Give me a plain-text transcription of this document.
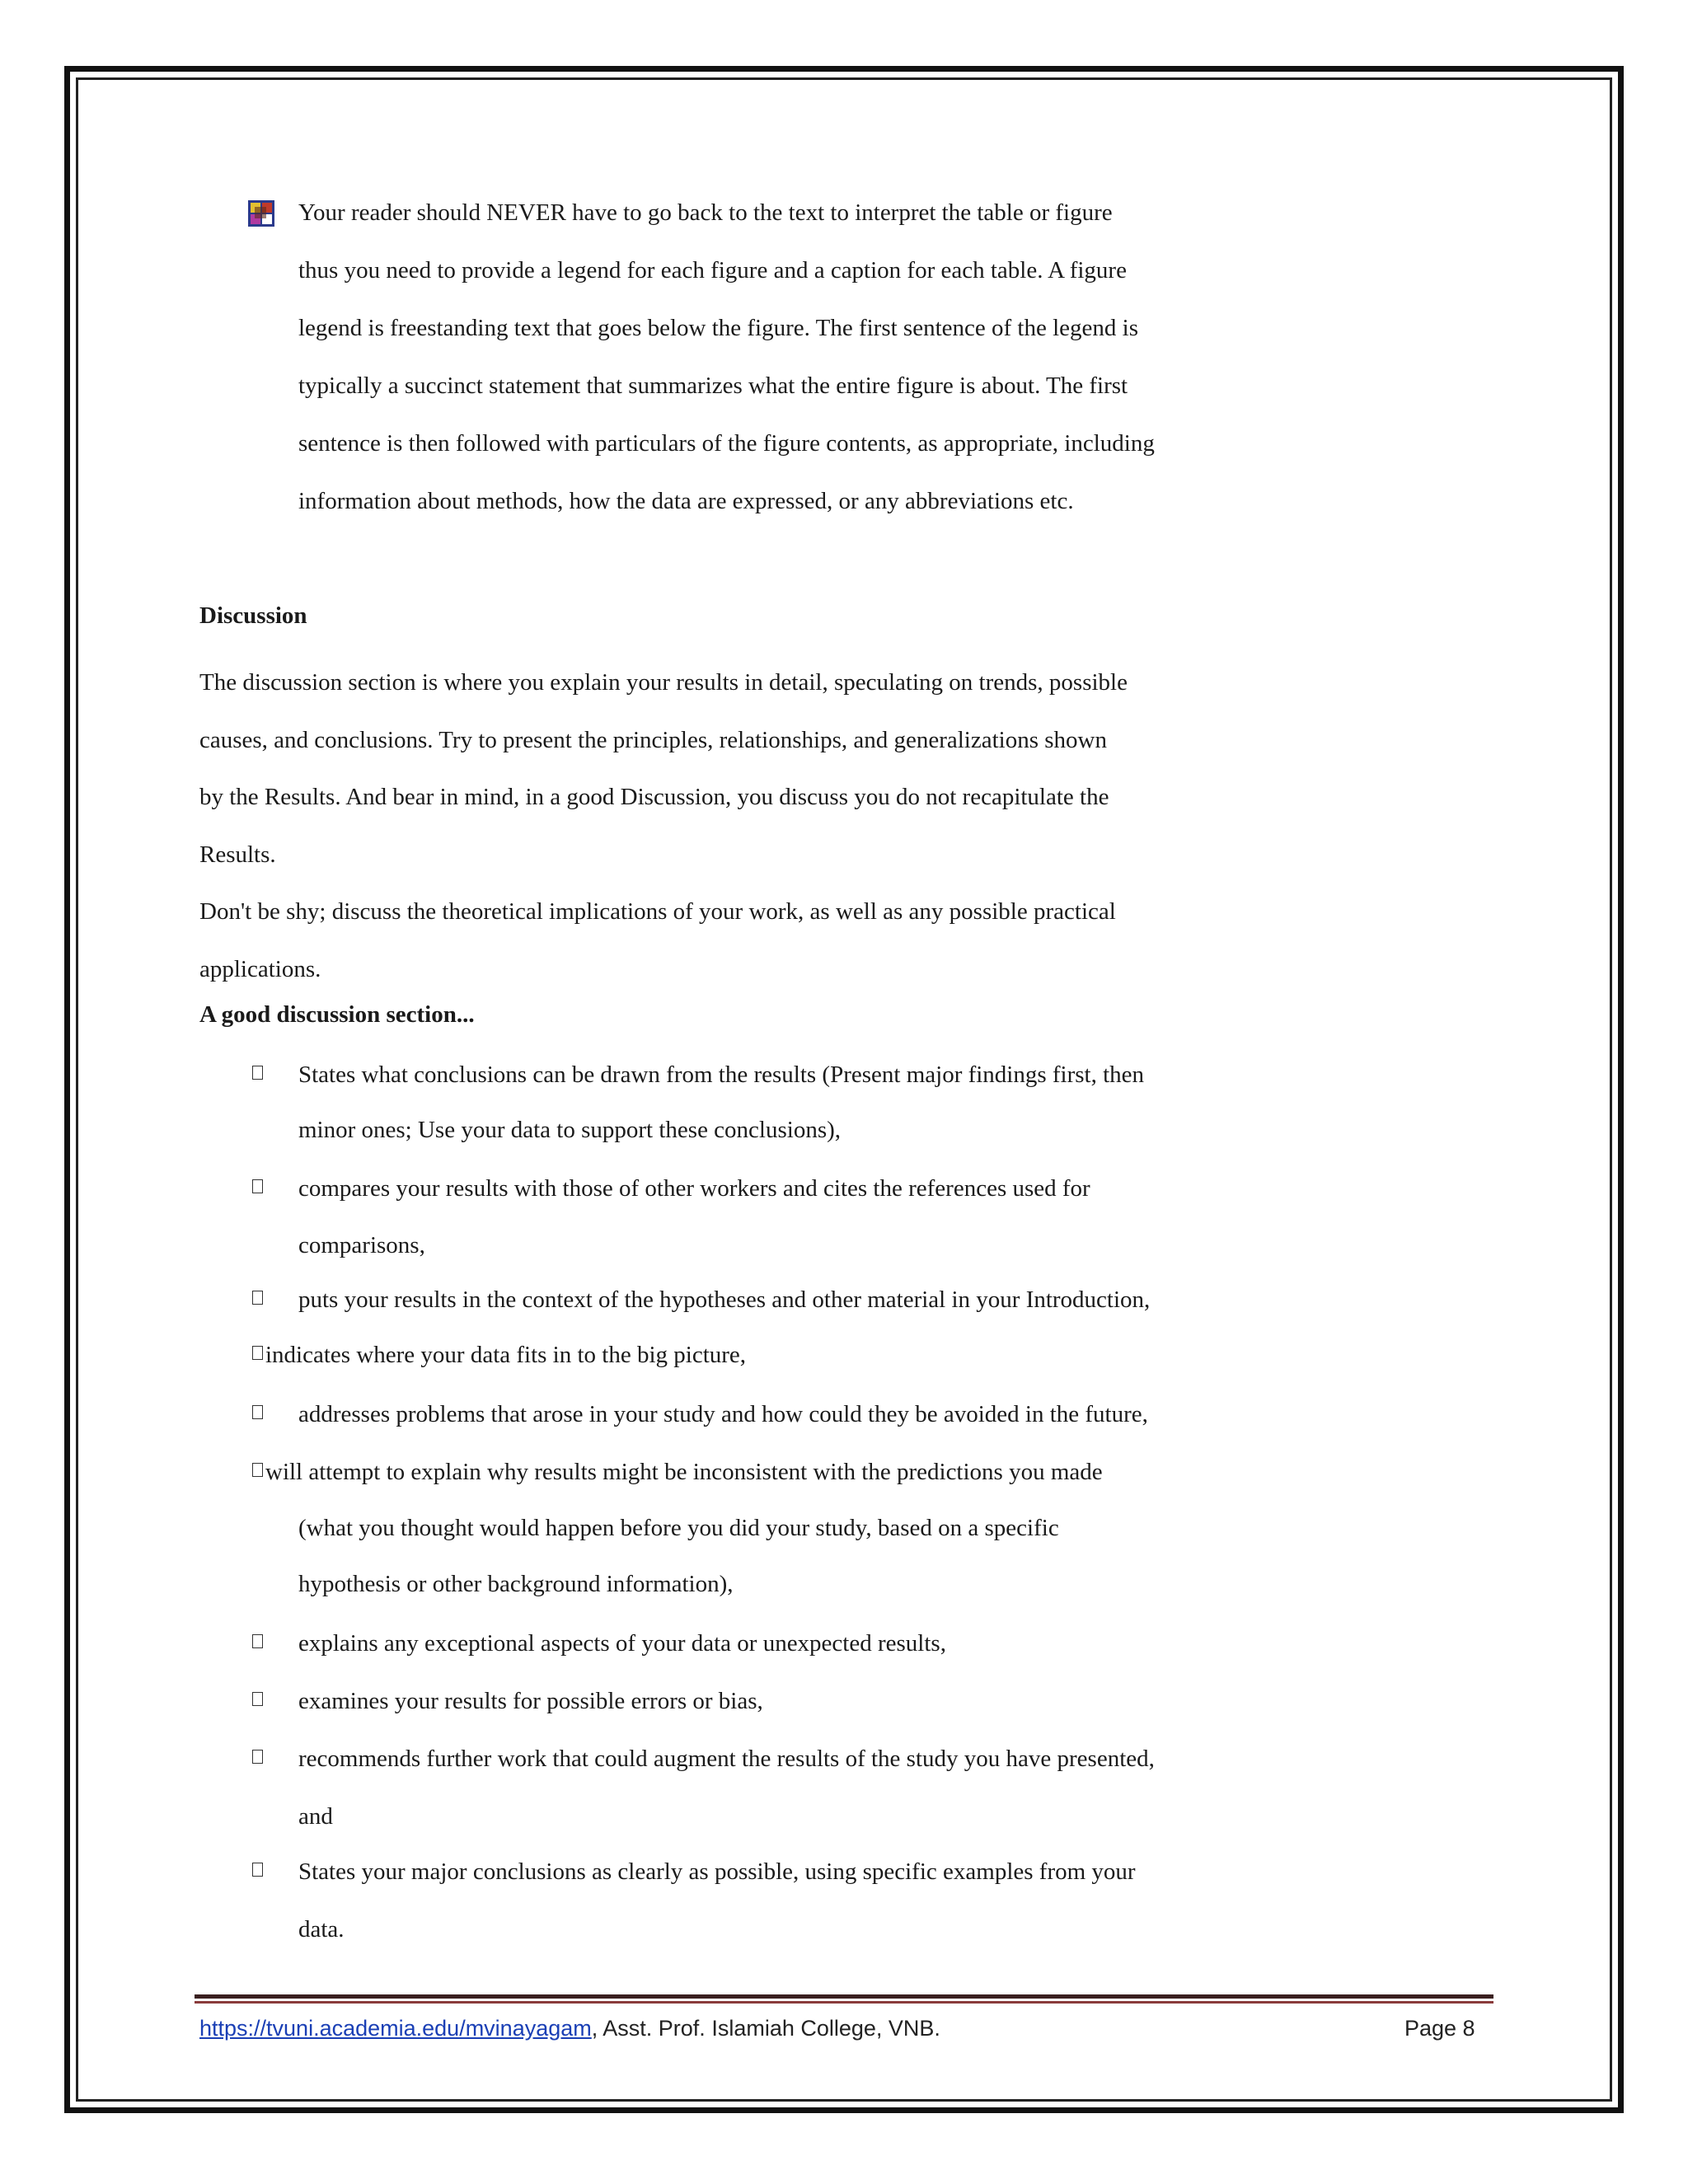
Your reader should NEVER have to go back to the text to interpret the table or figure
thus you need to provide a legend for each figure and a caption for each table. A figure
legend is freestanding text that goes below the figure. The first sentence of the legend is
typically a succinct statement that summarizes what the entire figure is about. The first
sentence is then followed with particulars of the figure contents, as appropriate, including
information about methods, how the data are expressed, or any abbreviations etc.
Discussion
The discussion section is where you explain your results in detail, speculating on trends, possible
causes, and conclusions. Try to present the principles, relationships, and generalizations shown
by the Results. And bear in mind, in a good Discussion, you discuss you do not recapitulate the
Results.
Don't be shy; discuss the theoretical implications of your work, as well as any possible practical
applications.
A good discussion section...
States what conclusions can be drawn from the results (Present major findings first, then
minor ones; Use your data to support these conclusions),
compares your results with those of other workers and cites the references used for
comparisons,
puts your results in the context of the hypotheses and other material in your Introduction,
indicates where your data fits in to the big picture,
addresses problems that arose in your study and how could they be avoided in the future,
will attempt to explain why results might be inconsistent with the predictions you made
(what you thought would happen before you did your study, based on a specific
hypothesis or other background information),
explains any exceptional aspects of your data or unexpected results,
examines your results for possible errors or bias,
recommends further work that could augment the results of the study you have presented,
and
States your major conclusions as clearly as possible, using specific examples from your
data.
https://tvuni.academia.edu/mvinayagam, Asst. Prof. Islamiah College, VNB.	Page 8
